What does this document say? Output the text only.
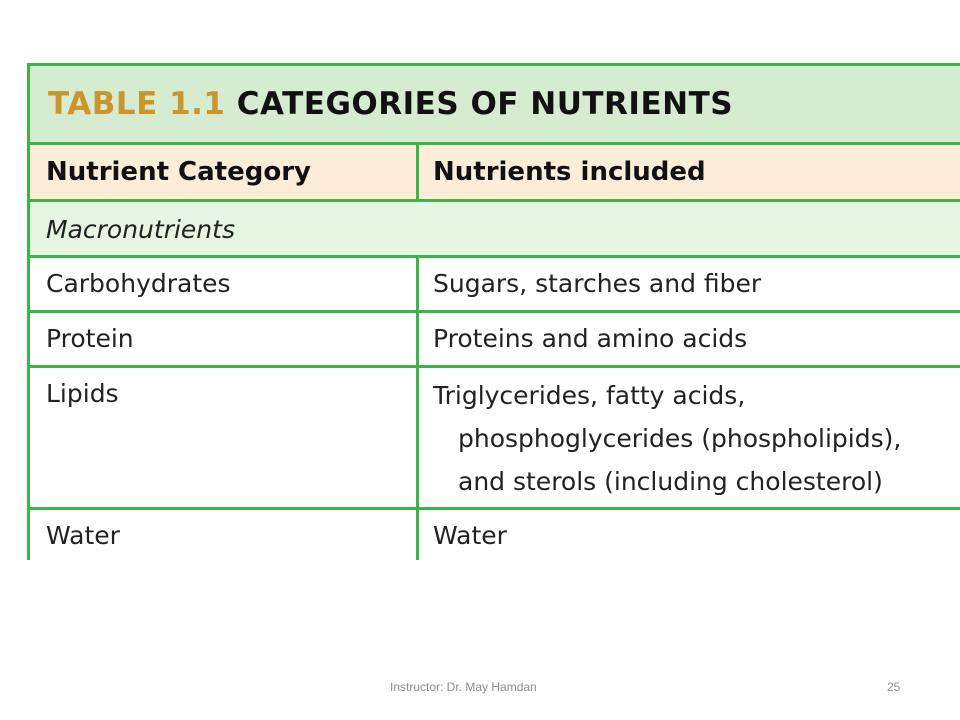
TABLE 1.1 CATEGORIES OF NUTRIENTS
Nutrient Category	Nutrients included
Macronutrients
Carbohydrates	Sugars, starches and fiber
Protein	Proteins and amino acids
Lipids	Triglycerides, fatty acids,
phosphoglycerides (phospholipids),
and sterols (including cholesterol)
Water	Water
Instructor: Dr. May Hamdan	25
